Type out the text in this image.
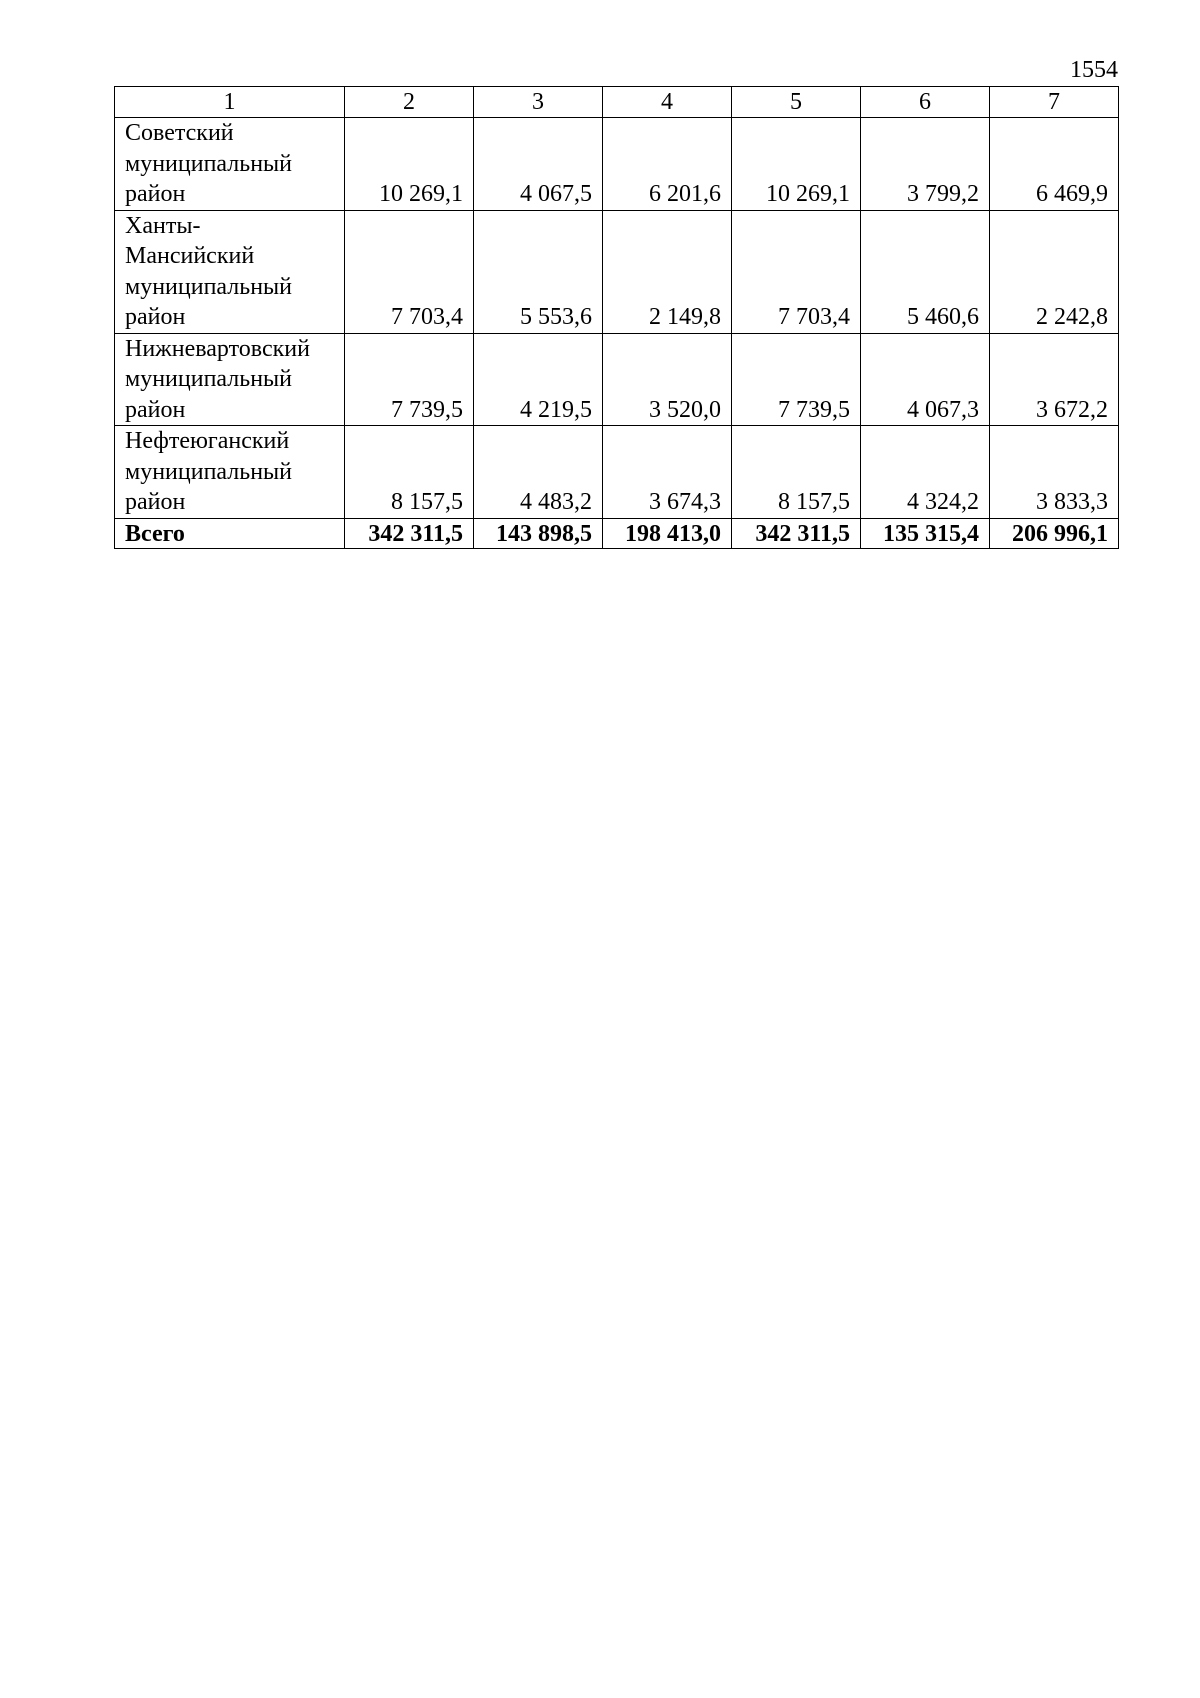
1554
1	2	3	4	5	6	7

Советский
муниципальный
район	10 269,1	4 067,5	6 201,6	10 269,1	3 799,2	6 469,9

Ханты-
Мансийский
муниципальный
район	7 703,4	5 553,6	2 149,8	7 703,4	5 460,6	2 242,8

Нижневартовский
муниципальный
район	7 739,5	4 219,5	3 520,0	7 739,5	4 067,3	3 672,2

Нефтеюганский
муниципальный
район	8 157,5	4 483,2	3 674,3	8 157,5	4 324,2	3 833,3
Всего	342 311,5	143 898,5	198 413,0	342 311,5	135 315,4	206 996,1
